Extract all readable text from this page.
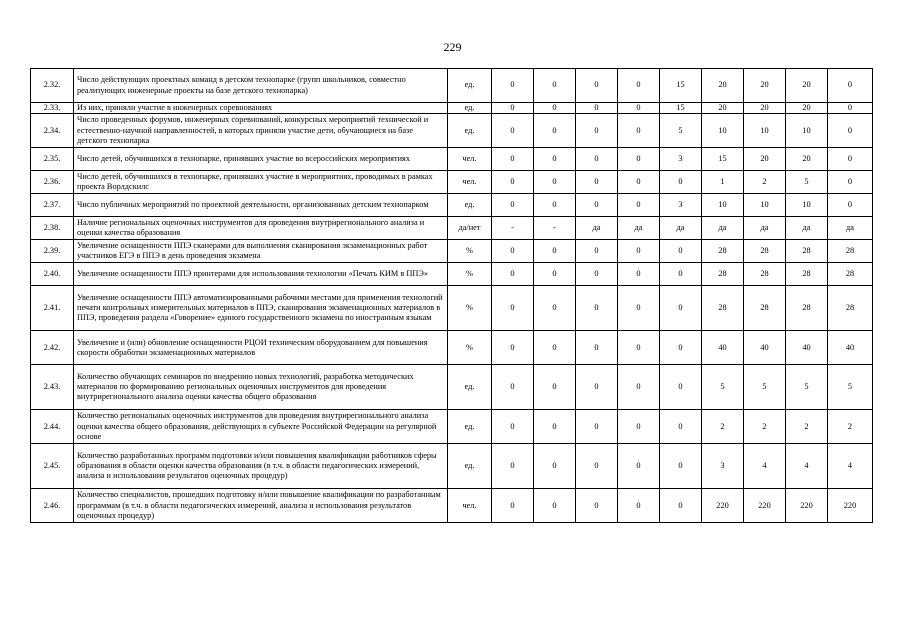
229
2.32.	Число действующих проектных команд в детском технопарке (групп школьников, совместно реализующих инженерные проекты на базе детского технопарка)	ед.	0	0	0	0	15	20	20	20	0
2.33.	Из них, приняли участие в инженерных соревнованиях	ед.	0	0	0	0	15	20	20	20	0
2.34.	Число проведенных форумов, инженерных соревнований, конкурсных мероприятий технической и естественно-научной направленностей, в которых приняли участие дети, обучающиеся на базе детского технопарка	ед.	0	0	0	0	5	10	10	10	0
2.35.	Число детей, обучившихся в технопарке, принявших участие во всероссийских мероприятиях	чел.	0	0	0	0	3	15	20	20	0
2.36.	Число детей, обучившихся в технопарке, принявших участие в мероприятиях, проводимых в рамках проекта Ворлдскилс	чел.	0	0	0	0	0	1	2	5	0
2.37.	Число публичных мероприятий по проектной деятельности, организованных детским технопарком	ед.	0	0	0	0	3	10	10	10	0
2.38.	Наличие региональных оценочных инструментов для проведения внутрирегионального анализа и оценки качества образования	да/нет	-	-	да	да	да	да	да	да	да
2.39.	Увеличение оснащенности ППЭ сканерами для выполнения сканирования экзаменационных работ участников ЕГЭ в ППЭ в день проведения экзамена	%	0	0	0	0	0	28	28	28	28
2.40.	Увеличение оснащенности ППЭ принтерами для использования технологии «Печать КИМ в ППЭ»	%	0	0	0	0	0	28	28	28	28
2.41.	Увеличение оснащенности ППЭ автоматизированными рабочими местами для применения технологий печати контрольных измерительных материалов в ППЭ, сканирования экзаменационных материалов в ППЭ, проведения раздела «Говорение» единого государственного экзамена по иностранным языкам	%	0	0	0	0	0	28	28	28	28
2.42.	Увеличение и (или) обновление оснащенности РЦОИ техническим оборудованием для повышения скорости обработки экзаменационных материалов	%	0	0	0	0	0	40	40	40	40
2.43.	Количество обучающих семинаров по внедрению новых технологий, разработка методических материалов по формированию региональных оценочных инструментов для проведения внутрирегионального анализа оценки качества общего образования	ед.	0	0	0	0	0	5	5	5	5
2.44.	Количество региональных оценочных инструментов для проведения внутрирегионального анализа оценки качества общего образования, действующих в субъекте Российской Федерации на регулярной основе	ед.	0	0	0	0	0	2	2	2	2
2.45.	Количество разработанных программ подготовки и/или повышения квалификации работников сферы образования в области оценки качества образования (в т.ч. в области педагогических измерений, анализа и использования результатов оценочных процедур)	ед.	0	0	0	0	0	3	4	4	4
2.46.	Количество специалистов, прошедших подготовку и/или повышение квалификации по разработанным программам (в т.ч. в области педагогических измерений, анализа и использования результатов оценочных процедур)	чел.	0	0	0	0	0	220	220	220	220
